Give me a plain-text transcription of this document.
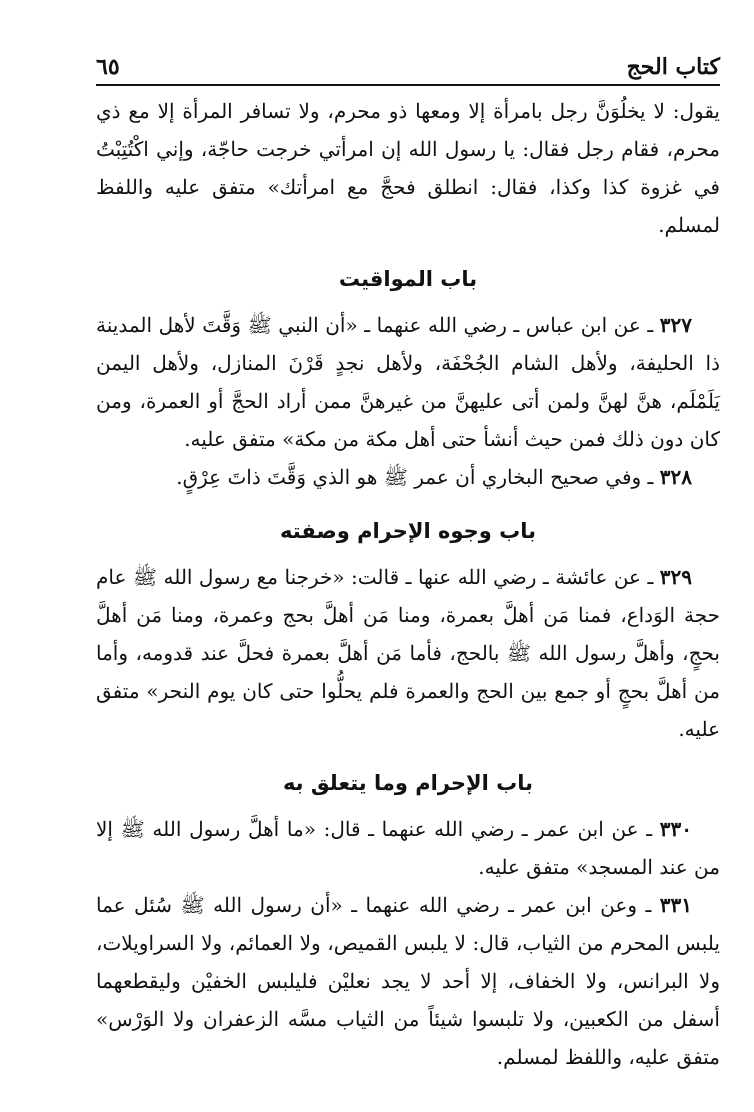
كتاب الحج
٦٥

يقول: لا يخلُوَنَّ رجل بامرأة إلا ومعها ذو محرم، ولا تسافر المرأة إلا مع ذي محرم، فقام رجل فقال: يا رسول الله إن امرأتي خرجت حاجّة، وإني اكْتُتِبْتُ في غزوة كذا وكذا، فقال: انطلق فحجَّ مع امرأتك» متفق عليه واللفظ لمسلم.

باب المواقيت

٣٢٧ ـ عن ابن عباس ـ رضي الله عنهما ـ «أن النبي ﷺ وَقَّتَ لأهل المدينة ذا الحليفة، ولأهل الشام الجُحْفَة، ولأهل نجدٍ قَرْنَ المنازل، ولأهل اليمن يَلَمْلَم، هنَّ لهنَّ ولمن أتى عليهنَّ من غيرهنَّ ممن أراد الحجَّ أو العمرة، ومن كان دون ذلك فمن حيث أنشأ حتى أهل مكة من مكة» متفق عليه.

٣٢٨ ـ وفي صحيح البخاري أن عمر ﷺ هو الذي وَقَّتَ ذاتَ عِرْقٍ.

باب وجوه الإحرام وصفته

٣٢٩ ـ عن عائشة ـ رضي الله عنها ـ قالت: «خرجنا مع رسول الله ﷺ عام حجة الوَداع، فمنا مَن أهلَّ بعمرة، ومنا مَن أهلَّ بحج وعمرة، ومنا مَن أهلَّ بحجٍ، وأهلَّ رسول الله ﷺ بالحج، فأما مَن أهلَّ بعمرة فحلَّ عند قدومه، وأما من أهلَّ بحجٍ أو جمع بين الحج والعمرة فلم يحلُّوا حتى كان يوم النحر» متفق عليه.

باب الإحرام وما يتعلق به

٣٣٠ ـ عن ابن عمر ـ رضي الله عنهما ـ قال: «ما أهلَّ رسول الله ﷺ إلا من عند المسجد» متفق عليه.

٣٣١ ـ وعن ابن عمر ـ رضي الله عنهما ـ «أن رسول الله ﷺ سُئل عما يلبس المحرم من الثياب، قال: لا يلبس القميص، ولا العمائم، ولا السراويلات، ولا البرانس، ولا الخفاف، إلا أحد لا يجد نعليْن فليلبس الخفيْن وليقطعهما أسفل من الكعبين، ولا تلبسوا شيئاً من الثياب مسَّه الزعفران ولا الوَرْس» متفق عليه، واللفظ لمسلم.
